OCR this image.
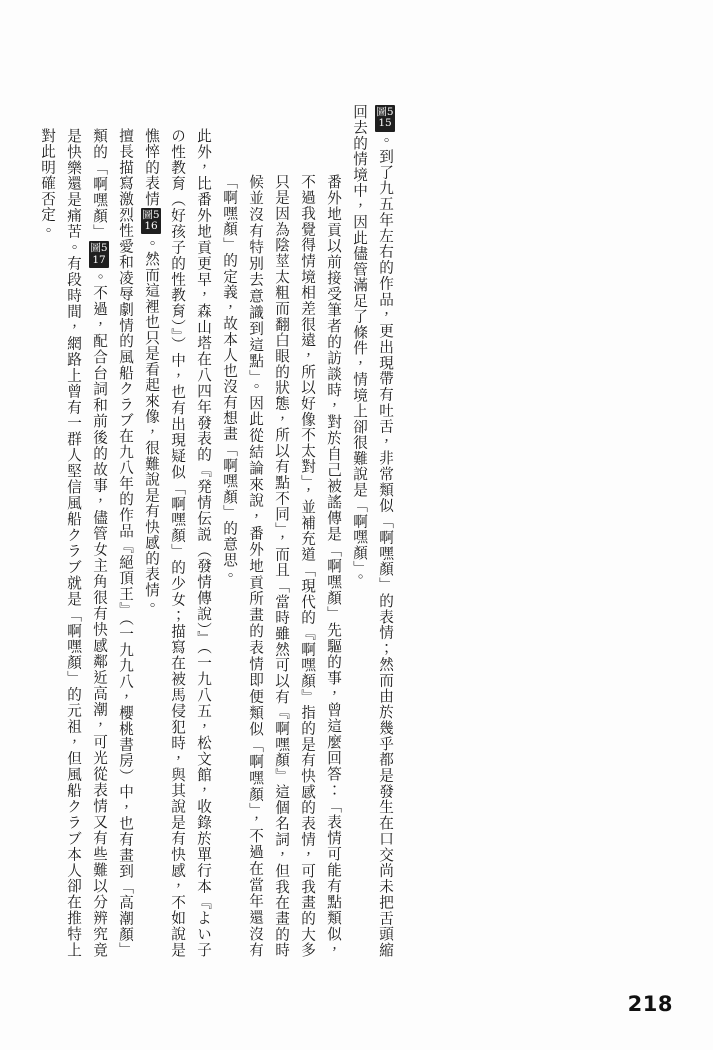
擅長描寫激烈性愛和凌辱劇情的風船クラブ在九八年的作品『絕頂王』（一九九八，櫻桃書房）中，也有畫到「高潮顏」類的「啊嘿顏」
圖5
17
。不過，配合台詞和前後的故事，儘管女主角很有快感鄰近高潮，可光從表情又有些難以分辨究竟是快樂還是痛苦。有段時間，網路上曾有一群人堅信風船クラブ就是「啊嘿顏」的元祖，但風船クラブ本人卻在推特上對此明確否定。	此外，比番外地貢更早，森山塔在八四年發表的『発情伝説（發情傳說）』（一九八五，松文館，收錄於單行本『よい子の性教育（好孩子的性教育）』）中，也有出現疑似「啊嘿顏」的少女；描寫在被馬侵犯時，與其說是有快感，不如說是憔悴的表情
圖5
16
。然而這裡也只是看起來像，很難說是有快感的表情。	番外地貢以前接受筆者的訪談時，對於自己被謠傳是「啊嘿顏」先驅的事，曾這麼回答：「表情可能有點類似，不過我覺得情境相差很遠，所以好像不太對」，並補充道「現代的『啊嘿顏』指的是有快感的表情，可我畫的大多只是因為陰莖太粗而翻白眼的狀態，所以有點不同」，而且「當時雖然可以有『啊嘿顏』這個名詞，但我在畫的時候並沒有特別去意識到這點」。因此從結論來說，番外地貢所畫的表情即便類似「啊嘿顏」，不過在當年還沒有「啊嘿顏」的定義，故本人也沒有想畫「啊嘿顏」的意思。
圖5
15
。到了九五年左右的作品，更出現帶有吐舌，非常類似「啊嘿顏」的表情；然而由於幾乎都是發生在口交尚未把舌頭縮回去的情境中，因此儘管滿足了條件，情境上卻很難說是「啊嘿顏」。
218
